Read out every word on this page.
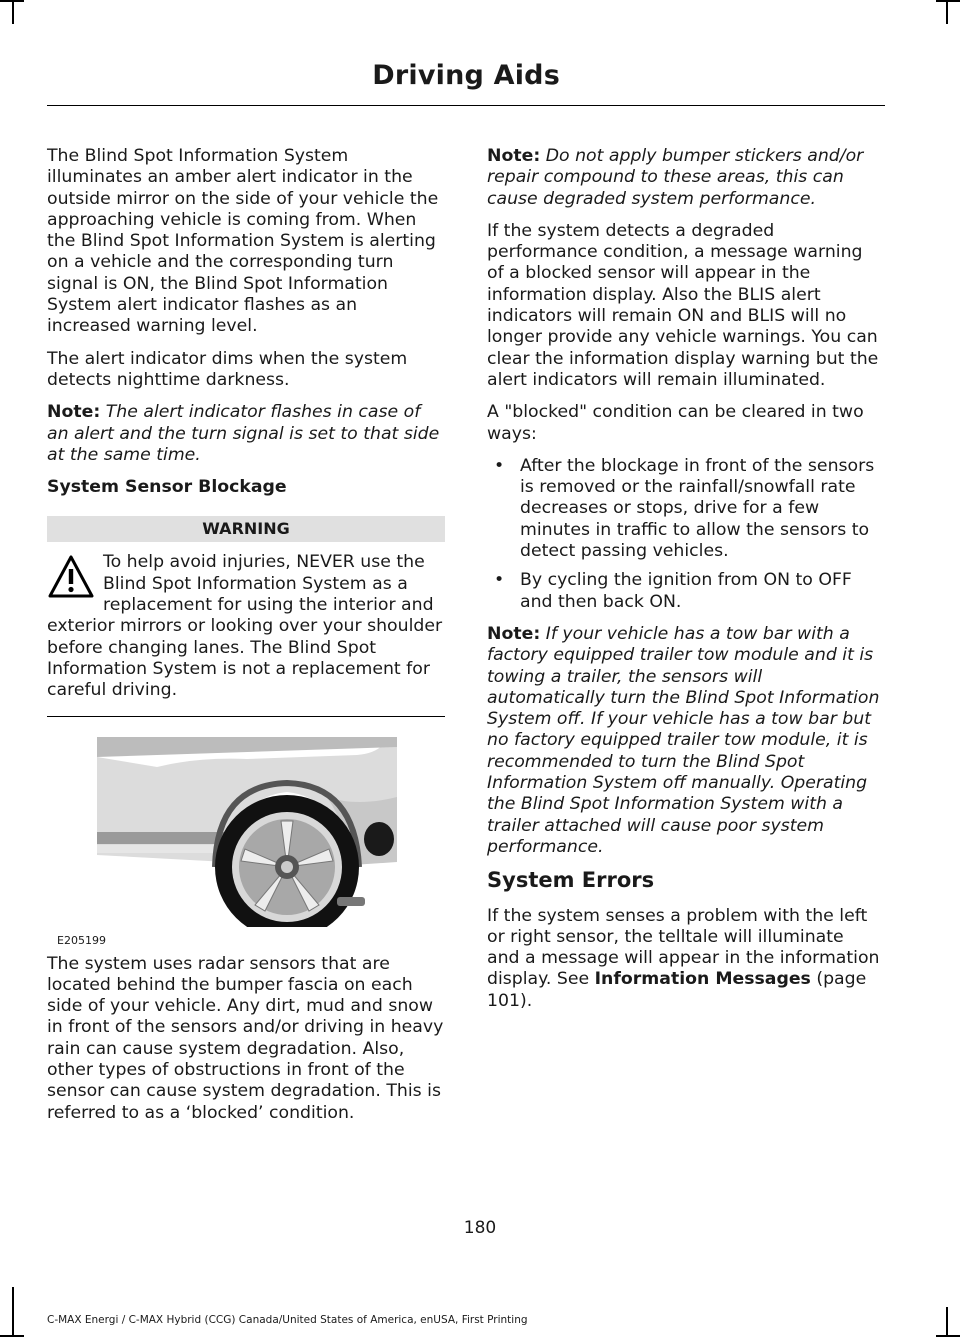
Driving Aids

The Blind Spot Information System illuminates an amber alert indicator in the outside mirror on the side of your vehicle the approaching vehicle is coming from. When the Blind Spot Information System is alerting on a vehicle and the corresponding turn signal is ON, the Blind Spot Information System alert indicator flashes as an increased warning level.

The alert indicator dims when the system detects nighttime darkness.

Note: The alert indicator flashes in case of an alert and the turn signal is set to that side at the same time.

System Sensor Blockage
WARNING
To help avoid injuries, NEVER use the Blind Spot Information System as a replacement for using the interior and exterior mirrors or looking over your shoulder before changing lanes. The Blind Spot Information System is not a replacement for careful driving.
E205199

The system uses radar sensors that are located behind the bumper fascia on each side of your vehicle. Any dirt, mud and snow in front of the sensors and/or driving in heavy rain can cause system degradation. Also, other types of obstructions in front of the sensor can cause system degradation. This is referred to as a ‘blocked’ condition.

Note: Do not apply bumper stickers and/or repair compound to these areas, this can cause degraded system performance.

If the system detects a degraded performance condition, a message warning of a blocked sensor will appear in the information display. Also the BLIS alert indicators will remain ON and BLIS will no longer provide any vehicle warnings. You can clear the information display warning but the alert indicators will remain illuminated.

A "blocked" condition can be cleared in two ways:

• After the blockage in front of the sensors is removed or the rainfall/snowfall rate decreases or stops, drive for a few minutes in traffic to allow the sensors to detect passing vehicles.
• By cycling the ignition from ON to OFF and then back ON.

Note: If your vehicle has a tow bar with a factory equipped trailer tow module and it is towing a trailer, the sensors will automatically turn the Blind Spot Information System off. If your vehicle has a tow bar but no factory equipped trailer tow module, it is recommended to turn the Blind Spot Information System off manually. Operating the Blind Spot Information System with a trailer attached will cause poor system performance.

System Errors

If the system senses a problem with the left or right sensor, the telltale will illuminate and a message will appear in the information display. See Information Messages (page 101).

180
C-MAX Energi / C-MAX Hybrid (CCG) Canada/United States of America, enUSA, First Printing
